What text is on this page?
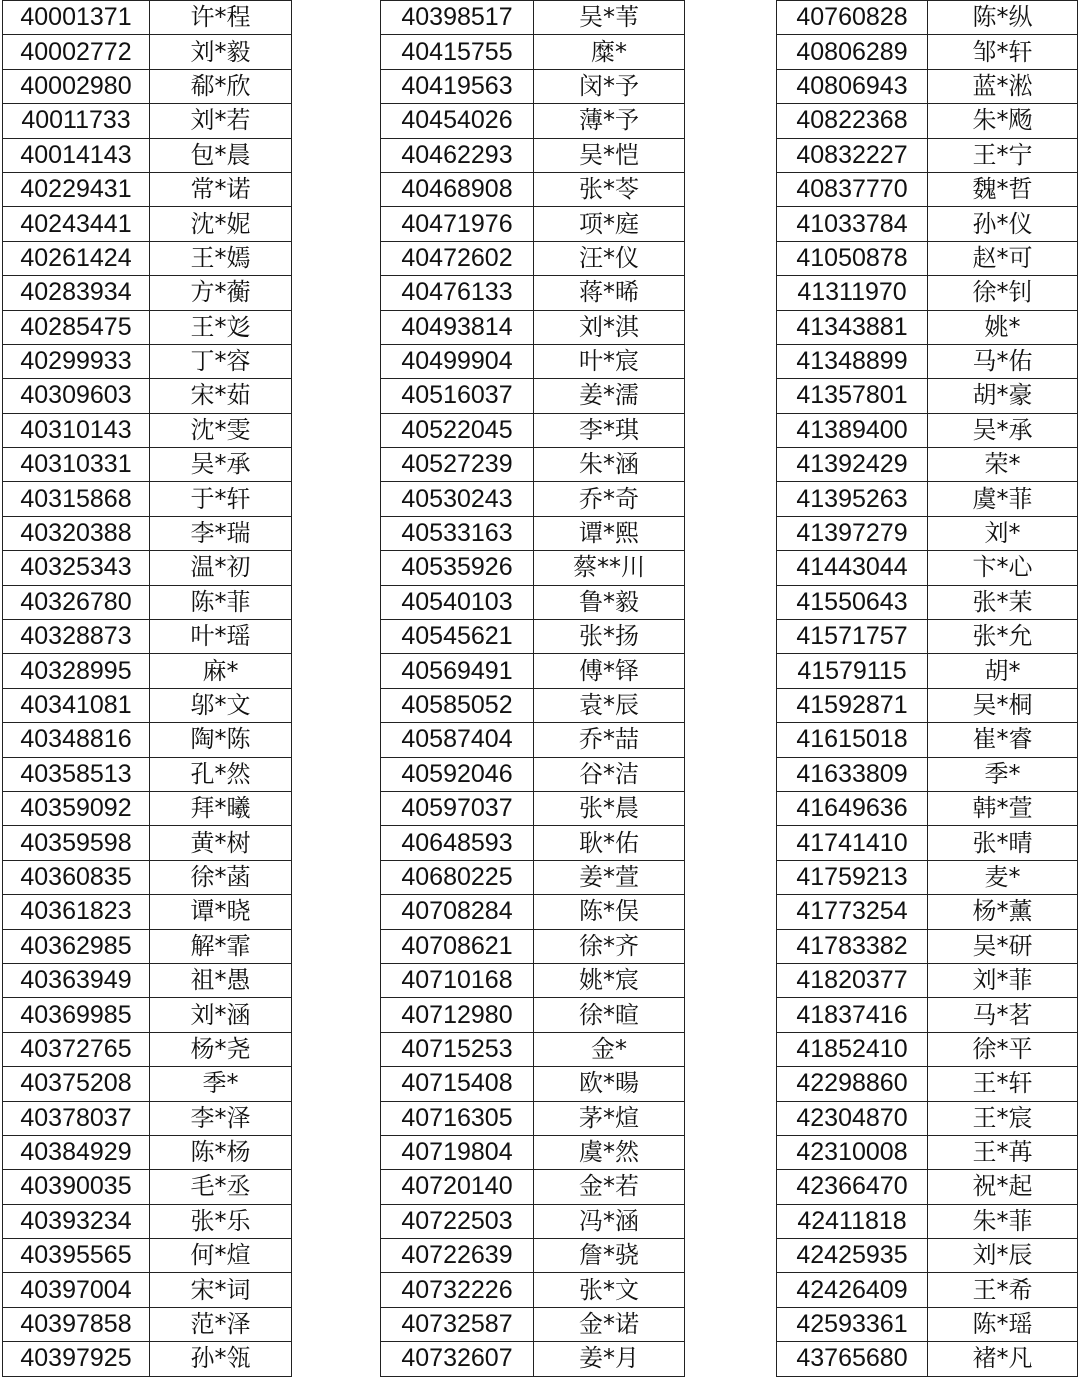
40001371	许*程
40002772	刘*毅
40002980	郗*欣
40011733	刘*若
40014143	包*晨
40229431	常*诺
40243441	沈*妮
40261424	王*嫣
40283934	方*蘅
40285475	王*彣
40299933	丁*容
40309603	宋*茹
40310143	沈*雯
40310331	吴*承
40315868	于*轩
40320388	李*瑞
40325343	温*初
40326780	陈*菲
40328873	叶*瑶
40328995	麻*
40341081	邬*文
40348816	陶*陈
40358513	孔*然
40359092	拜*曦
40359598	黄*树
40360835	徐*菡
40361823	谭*晓
40362985	解*霏
40363949	祖*愚
40369985	刘*涵
40372765	杨*尧
40375208	季*
40378037	李*泽
40384929	陈*杨
40390035	毛*丞
40393234	张*乐
40395565	何*煊
40397004	宋*词
40397858	范*泽
40397925	孙*瓴
40398517	吴*苇
40415755	糜*
40419563	闵*予
40454026	薄*予
40462293	吴*恺
40468908	张*苓
40471976	项*庭
40472602	汪*仪
40476133	蒋*晞
40493814	刘*淇
40499904	叶*宸
40516037	姜*濡
40522045	李*琪
40527239	朱*涵
40530243	乔*奇
40533163	谭*熙
40535926	蔡**川
40540103	鲁*毅
40545621	张*扬
40569491	傅*铎
40585052	袁*辰
40587404	乔*喆
40592046	谷*洁
40597037	张*晨
40648593	耿*佑
40680225	姜*萱
40708284	陈*俣
40708621	徐*齐
40710168	姚*宸
40712980	徐*暄
40715253	金*
40715408	欧*暘
40716305	茅*煊
40719804	虞*然
40720140	金*若
40722503	冯*涵
40722639	詹*骁
40732226	张*文
40732587	金*诺
40732607	姜*月
40760828	陈*纵
40806289	邹*轩
40806943	蓝*淞
40822368	朱*飏
40832227	王*宁
40837770	魏*哲
41033784	孙*仪
41050878	赵*可
41311970	徐*钊
41343881	姚*
41348899	马*佑
41357801	胡*豪
41389400	吴*承
41392429	荣*
41395263	虞*菲
41397279	刘*
41443044	卞*心
41550643	张*茉
41571757	张*允
41579115	胡*
41592871	吴*桐
41615018	崔*睿
41633809	季*
41649636	韩*萱
41741410	张*晴
41759213	麦*
41773254	杨*薰
41783382	吴*研
41820377	刘*菲
41837416	马*茗
41852410	徐*平
42298860	王*轩
42304870	王*宸
42310008	王*苒
42366470	祝*起
42411818	朱*菲
42425935	刘*辰
42426409	王*希
42593361	陈*瑶
43765680	褚*凡
